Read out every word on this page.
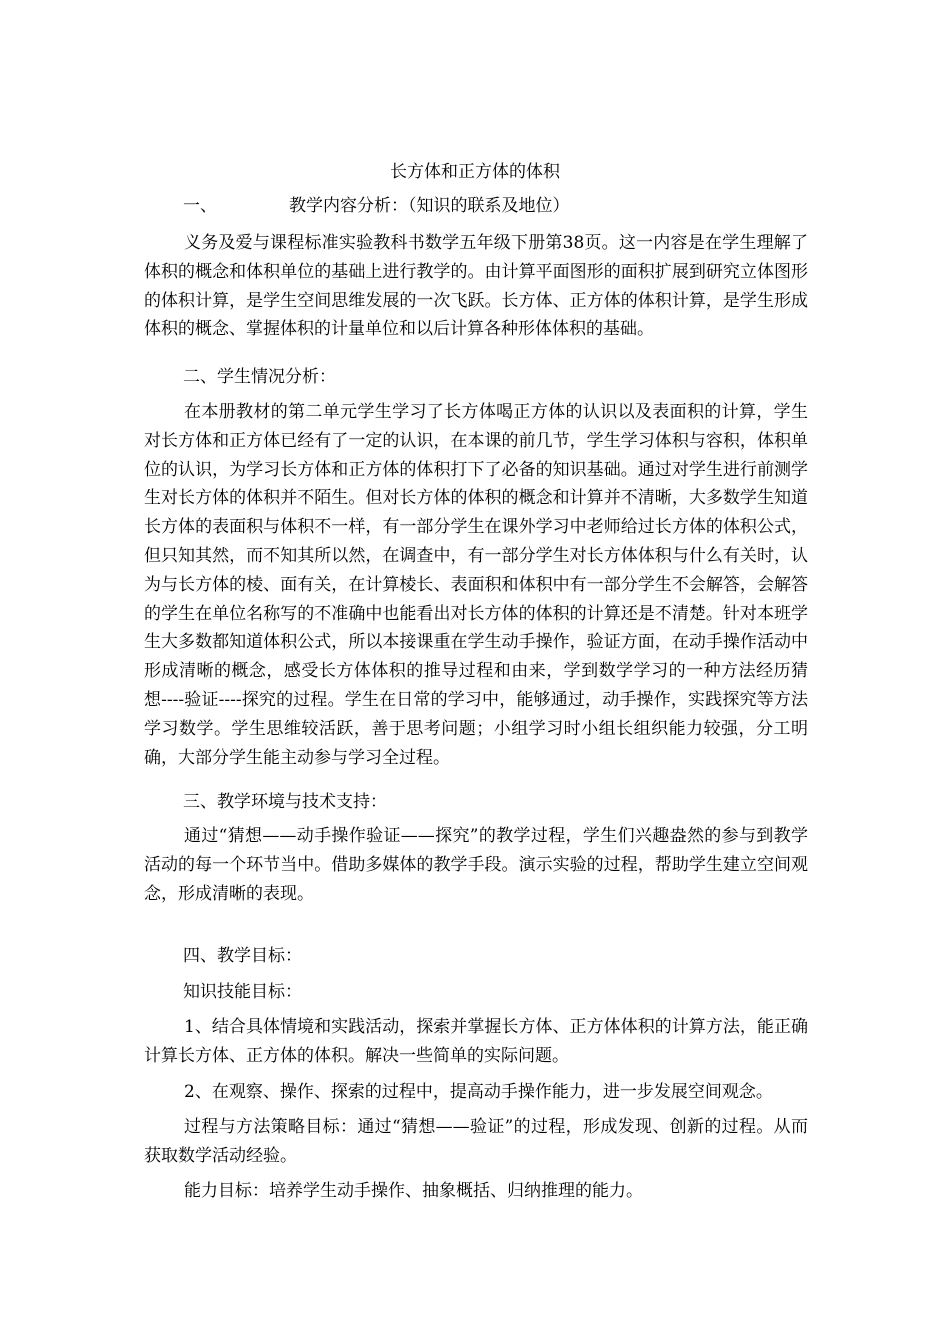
长方体和正方体的体积

一、	教学内容分析：（知识的联系及地位）

义务及爱与课程标准实验教科书数学五年级下册第38页。这一内容是在学生理解了体积的概念和体积单位的基础上进行教学的。由计算平面图形的面积扩展到研究立体图形的体积计算，是学生空间思维发展的一次飞跃。长方体、正方体的体积计算，是学生形成体积的概念、掌握体积的计量单位和以后计算各种形体体积的基础。

二、学生情况分析：

在本册教材的第二单元学生学习了长方体喝正方体的认识以及表面积的计算，学生对长方体和正方体已经有了一定的认识，在本课的前几节，学生学习体积与容积，体积单位的认识，为学习长方体和正方体的体积打下了必备的知识基础。通过对学生进行前测学生对长方体的体积并不陌生。但对长方体的体积的概念和计算并不清晰，大多数学生知道长方体的表面积与体积不一样，有一部分学生在课外学习中老师给过长方体的体积公式，但只知其然，而不知其所以然，在调查中，有一部分学生对长方体体积与什么有关时，认为与长方体的棱、面有关，在计算棱长、表面积和体积中有一部分学生不会解答，会解答的学生在单位名称写的不准确中也能看出对长方体的体积的计算还是不清楚。针对本班学生大多数都知道体积公式，所以本接课重在学生动手操作，验证方面，在动手操作活动中形成清晰的概念，感受长方体体积的推导过程和由来，学到数学学习的一种方法经历猜想----验证----探究的过程。学生在日常的学习中，能够通过，动手操作，实践探究等方法学习数学。学生思维较活跃，善于思考问题；小组学习时小组长组织能力较强，分工明确，大部分学生能主动参与学习全过程。

三、教学环境与技术支持：

通过“猜想——动手操作验证——探究”的教学过程，学生们兴趣盎然的参与到教学活动的每一个环节当中。借助多媒体的教学手段。演示实验的过程，帮助学生建立空间观念，形成清晰的表现。

四、教学目标：

知识技能目标：

1、结合具体情境和实践活动，探索并掌握长方体、正方体体积的计算方法，能正确计算长方体、正方体的体积。解决一些简单的实际问题。

2、在观察、操作、探索的过程中，提高动手操作能力，进一步发展空间观念。

过程与方法策略目标：通过“猜想——验证”的过程，形成发现、创新的过程。从而获取数学活动经验。

能力目标：培养学生动手操作、抽象概括、归纳推理的能力。
